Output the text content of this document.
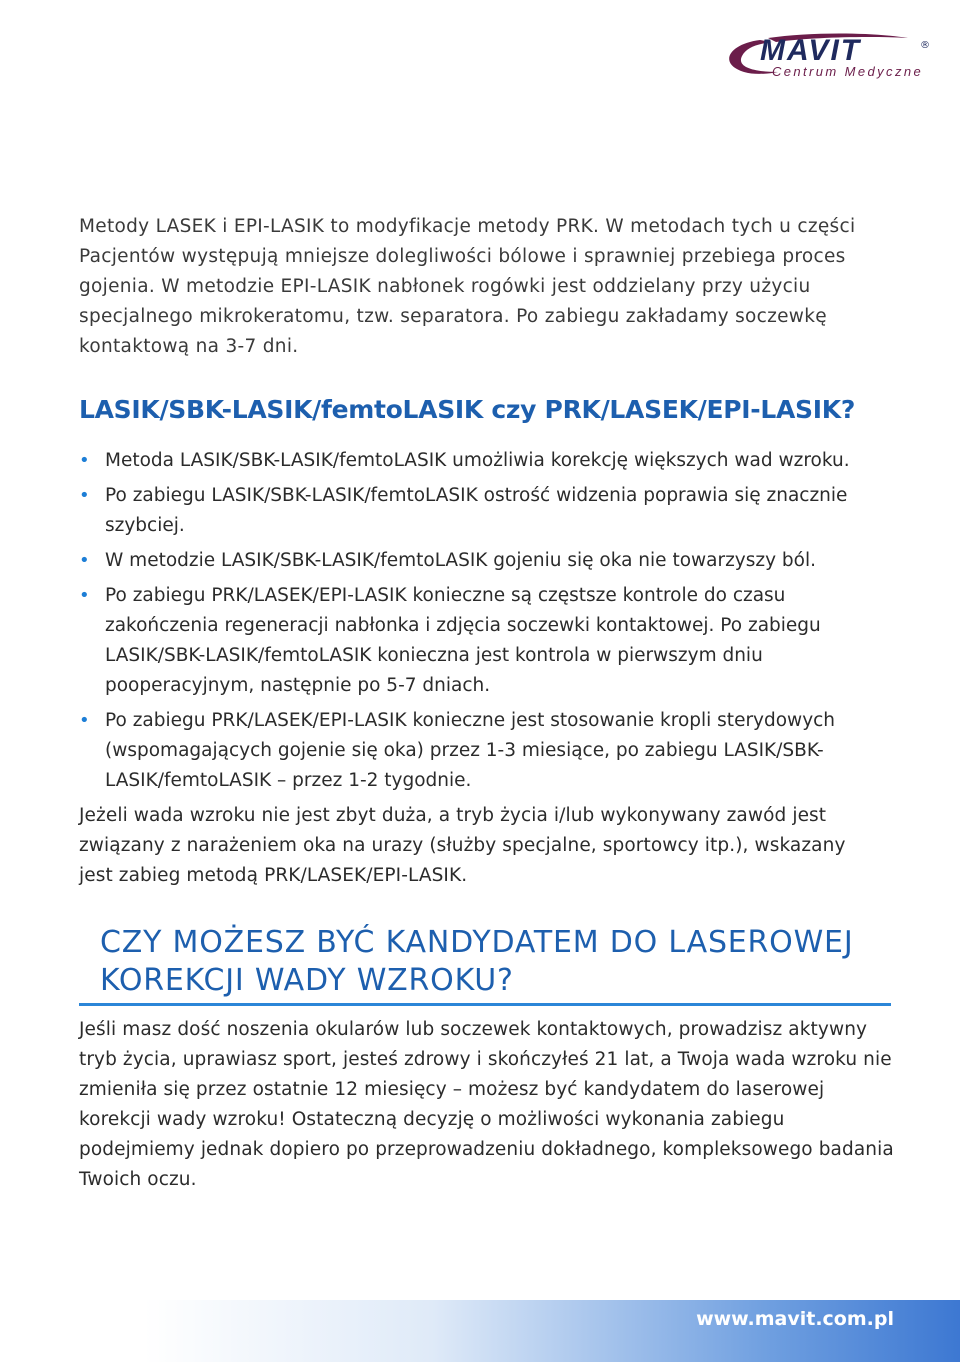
MAVIT	®
Centrum Medyczne

Metody LASEK i EPI-LASIK to modyfikacje metody PRK. W metodach tych u części Pacjentów występują mniejsze dolegliwości bólowe i sprawniej przebiega proces gojenia. W metodzie EPI-LASIK nabłonek rogówki jest oddzielany przy użyciu specjalnego mikrokeratomu, tzw. separatora. Po zabiegu zakładamy soczewkę kontaktową na 3-7 dni.

LASIK/SBK-LASIK/femtoLASIK czy PRK/LASEK/EPI-LASIK?
• Metoda LASIK/SBK-LASIK/femtoLASIK umożliwia korekcję większych wad wzroku.
• Po zabiegu LASIK/SBK-LASIK/femtoLASIK ostrość widzenia poprawia się znacznie szybciej.
• W metodzie LASIK/SBK-LASIK/femtoLASIK gojeniu się oka nie towarzyszy ból.
• Po zabiegu PRK/LASEK/EPI-LASIK konieczne są częstsze kontrole do czasu zakończenia regeneracji nabłonka i zdjęcia soczewki kontaktowej. Po zabiegu LASIK/SBK-LASIK/femtoLASIK konieczna jest kontrola w pierwszym dniu pooperacyjnym, następnie po 5-7 dniach.
• Po zabiegu PRK/LASEK/EPI-LASIK konieczne jest stosowanie kropli sterydowych (wspomagających gojenie się oka) przez 1-3 miesiące, po zabiegu LASIK/SBK-LASIK/femtoLASIK – przez 1-2 tygodnie.

Jeżeli wada wzroku nie jest zbyt duża, a tryb życia i/lub wykonywany zawód jest związany z narażeniem oka na urazy (służby specjalne, sportowcy itp.), wskazany jest zabieg metodą PRK/LASEK/EPI-LASIK.

CZY MOŻESZ BYĆ KANDYDATEM DO LASEROWEJ
KOREKCJI WADY WZROKU?

Jeśli masz dość noszenia okularów lub soczewek kontaktowych, prowadzisz aktywny tryb życia, uprawiasz sport, jesteś zdrowy i skończyłeś 21 lat, a Twoja wada wzroku nie zmieniła się przez ostatnie 12 miesięcy – możesz być kandydatem do laserowej korekcji wady wzroku! Ostateczną decyzję o możliwości wykonania zabiegu podejmiemy jednak dopiero po przeprowadzeniu dokładnego, kompleksowego badania Twoich oczu.

www.mavit.com.pl
